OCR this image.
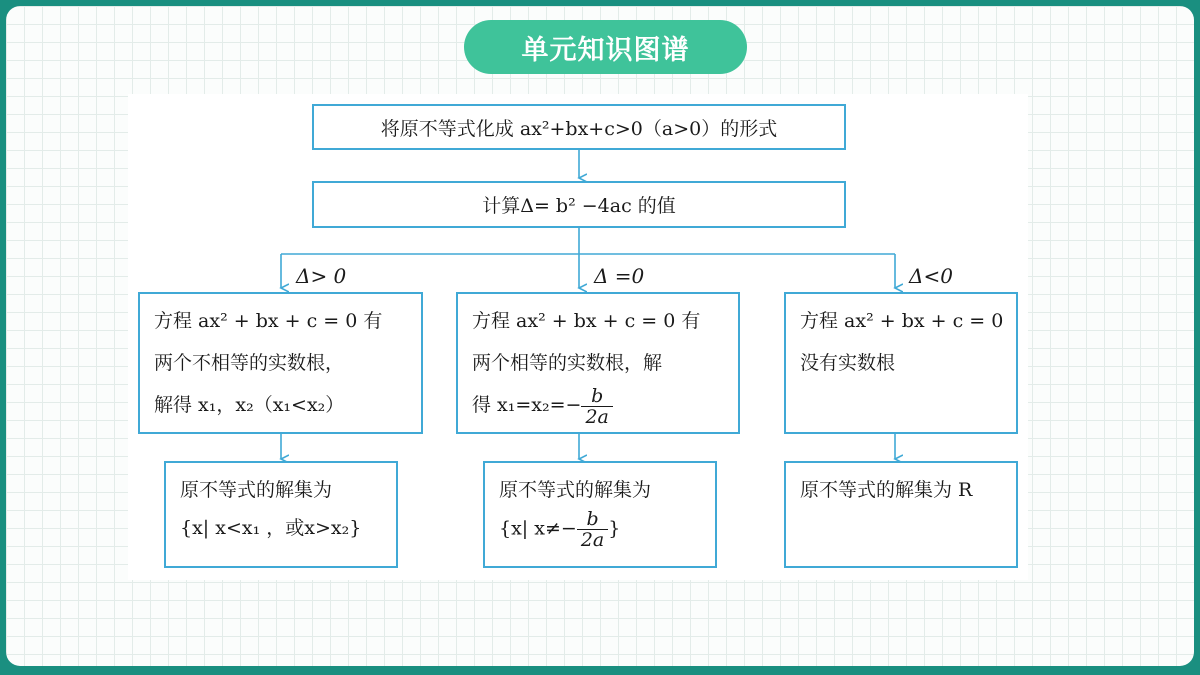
单元知识图谱
将原不等式化成 ax²+bx+c>0（a>0）的形式
计算Δ= b² −4ac 的值
Δ> 0	Δ =0	Δ<0
方程 ax² + bx + c = 0 有
两个不相等的实数根，
解得 x₁，x₂（x₁<x₂）
方程 ax² + bx + c = 0 有
两个相等的实数根，解
得 $x_1=x_2=- \frac{b}{2a}$
方程 ax² + bx + c = 0
没有实数根
原不等式的解集为
{x| x<x₁ ，或x>x₂}
原不等式的解集为
{x| $x\ne- \frac{b}{2a}$ }
原不等式的解集为 R
